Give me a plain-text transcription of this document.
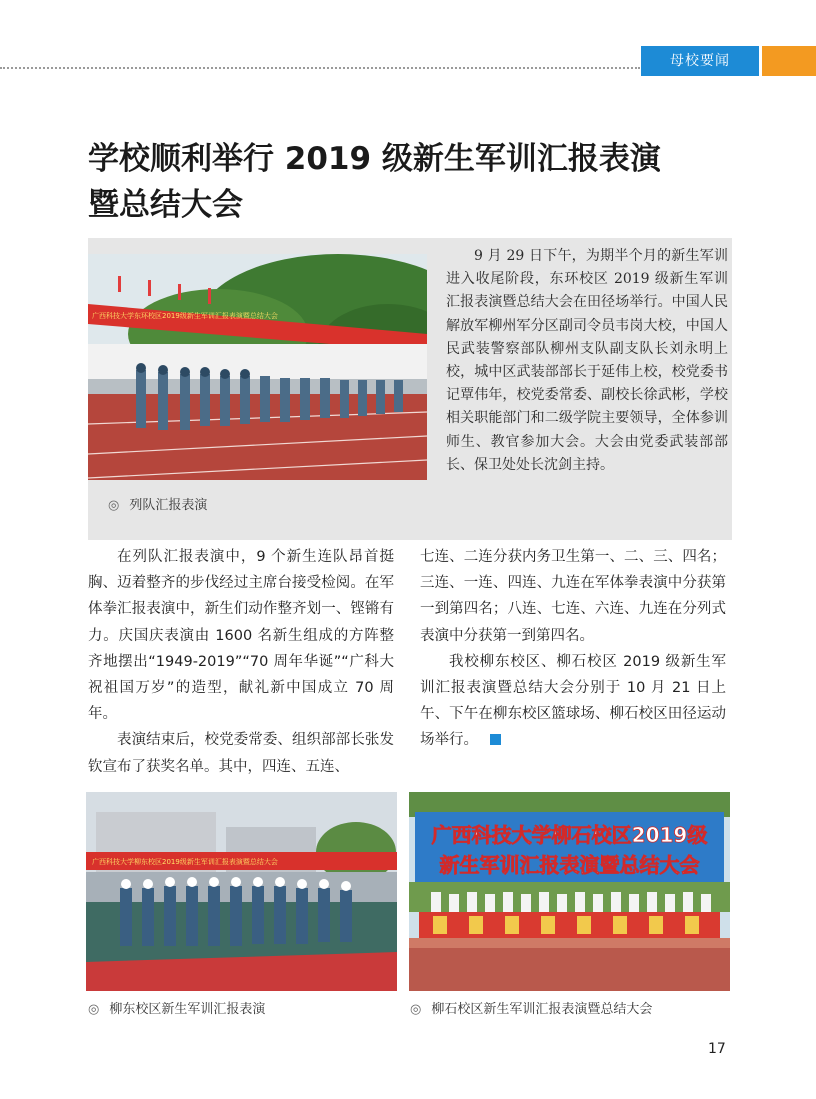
母校要闻
学校顺利举行 2019 级新生军训汇报表演
暨总结大会
广西科技大学东环校区2019级新生军训汇报表演暨总结大会
◎ 列队汇报表演

9 月 29 日下午，为期半个月的新生军训进入收尾阶段，东环校区 2019 级新生军训汇报表演暨总结大会在田径场举行。中国人民解放军柳州军分区副司令员韦岗大校，中国人民武装警察部队柳州支队副支队长刘永明上校，城中区武装部部长于延伟上校，校党委书记覃伟年，校党委常委、副校长徐武彬，学校相关职能部门和二级学院主要领导，全体参训师生、教官参加大会。大会由党委武装部部长、保卫处处长沈剑主持。

在列队汇报表演中，9 个新生连队昂首挺胸、迈着整齐的步伐经过主席台接受检阅。在军体拳汇报表演中，新生们动作整齐划一、铿锵有力。庆国庆表演由 1600 名新生组成的方阵整齐地摆出“1949-2019”“70 周年华诞”“广科大祝祖国万岁”的造型，献礼新中国成立 70 周年。

表演结束后，校党委常委、组织部部长张发钦宣布了获奖名单。其中，四连、五连、

七连、二连分获内务卫生第一、二、三、四名；三连、一连、四连、九连在军体拳表演中分获第一到第四名；八连、七连、六连、九连在分列式表演中分获第一到第四名。

我校柳东校区、柳石校区 2019 级新生军训汇报表演暨总结大会分别于 10 月 21 日上午、下午在柳东校区篮球场、柳石校区田径运动场举行。

广西科技大学柳东校区2019级新生军训汇报表演暨总结大会
◎ 柳东校区新生军训汇报表演
广西科技大学柳石校区2019级
新生军训汇报表演暨总结大会
◎ 柳石校区新生军训汇报表演暨总结大会
17
